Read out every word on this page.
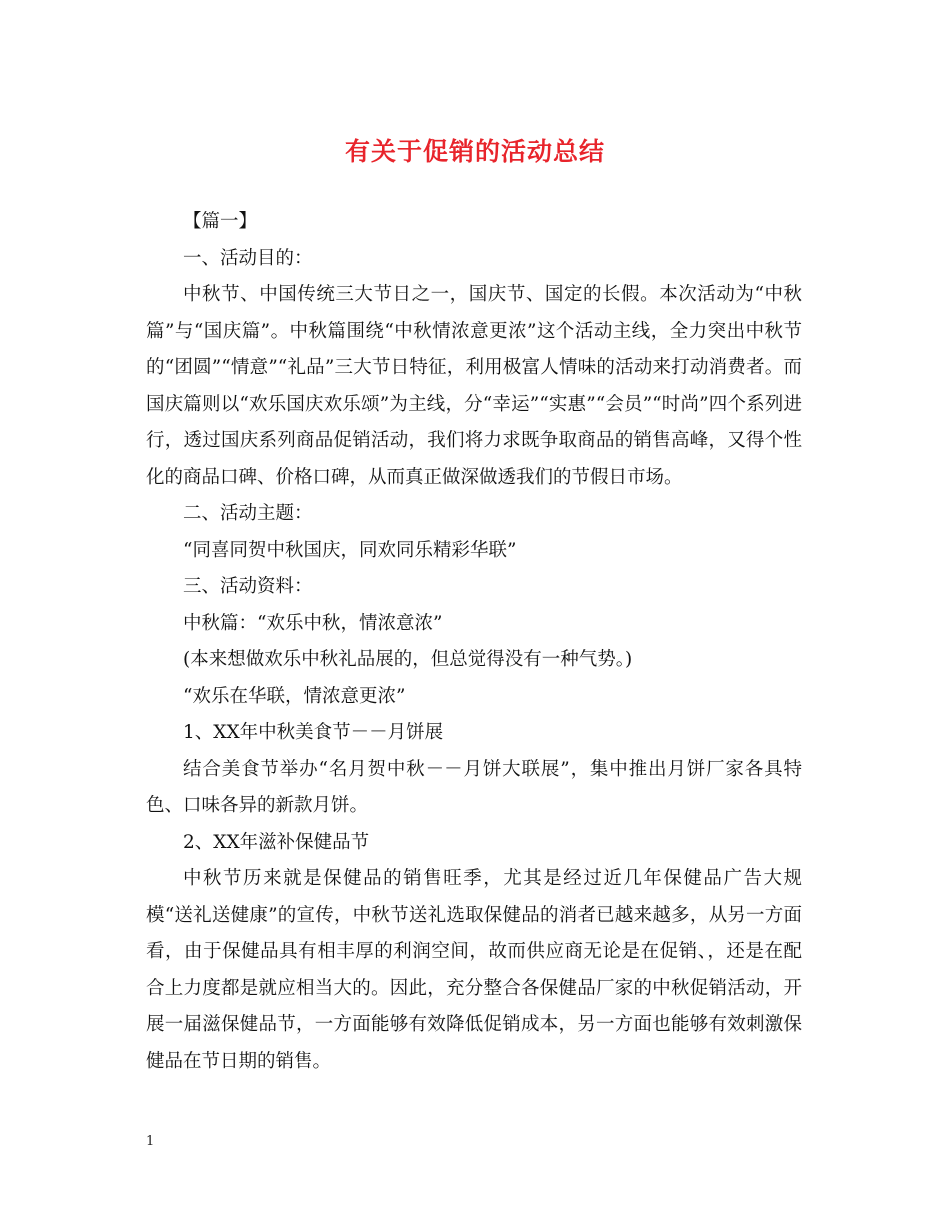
有关于促销的活动总结

【篇一】

一、活动目的：

中秋节、中国传统三大节日之一，国庆节、国定的长假。本次活动为“中秋篇”与“国庆篇”。中秋篇围绕“中秋情浓意更浓”这个活动主线，全力突出中秋节的“团圆”“情意”“礼品”三大节日特征，利用极富人情味的活动来打动消费者。而国庆篇则以“欢乐国庆欢乐颂”为主线，分“幸运”“实惠”“会员”“时尚”四个系列进行，透过国庆系列商品促销活动，我们将力求既争取商品的销售高峰，又得个性化的商品口碑、价格口碑，从而真正做深做透我们的节假日市场。

二、活动主题：

“同喜同贺中秋国庆，同欢同乐精彩华联”

三、活动资料：

中秋篇：“欢乐中秋，情浓意浓”

(本来想做欢乐中秋礼品展的，但总觉得没有一种气势。)

“欢乐在华联，情浓意更浓”

1、XX年中秋美食节－－月饼展

结合美食节举办“名月贺中秋－－月饼大联展”，集中推出月饼厂家各具特色、口味各异的新款月饼。

2、XX年滋补保健品节

中秋节历来就是保健品的销售旺季，尤其是经过近几年保健品广告大规模“送礼送健康”的宣传，中秋节送礼选取保健品的消者已越来越多，从另一方面看，由于保健品具有相丰厚的利润空间，故而供应商无论是在促销、，还是在配合上力度都是就应相当大的。因此，充分整合各保健品厂家的中秋促销活动，开展一届滋保健品节，一方面能够有效降低促销成本，另一方面也能够有效刺激保健品在节日期的销售。

1
